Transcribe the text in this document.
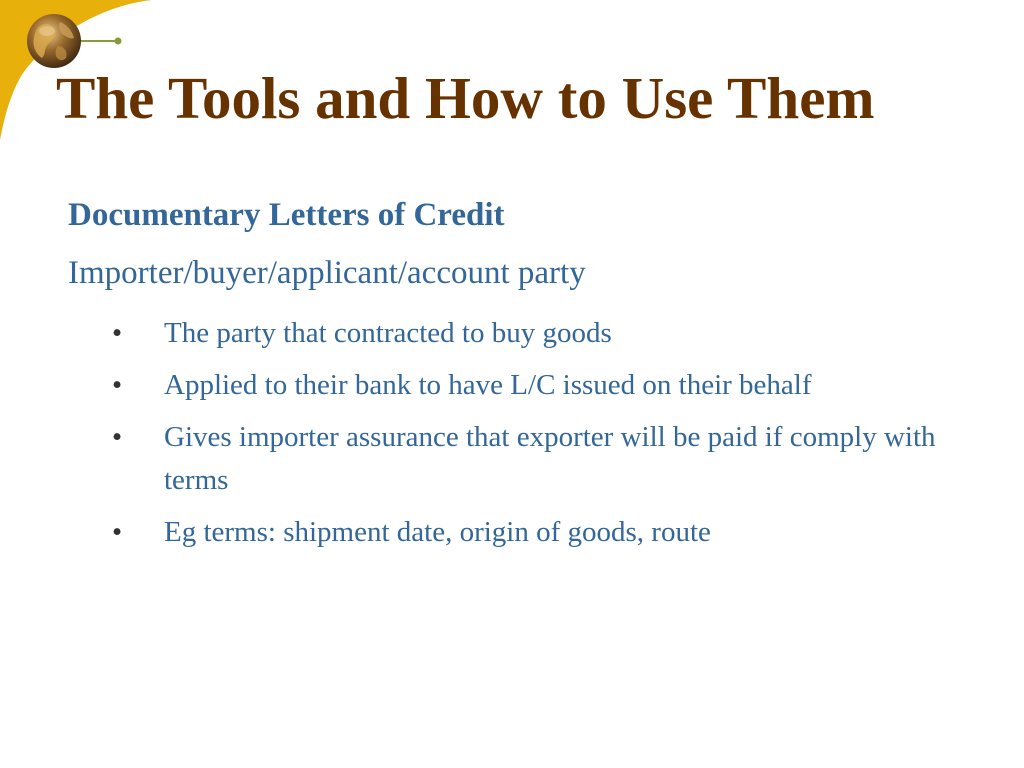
The Tools and How to Use Them
Documentary Letters of Credit
Importer/buyer/applicant/account party
• The party that contracted to buy goods
• Applied to their bank to have L/C issued on their behalf
• Gives importer assurance that exporter will be paid if comply with terms
• Eg terms: shipment date, origin of goods, route
